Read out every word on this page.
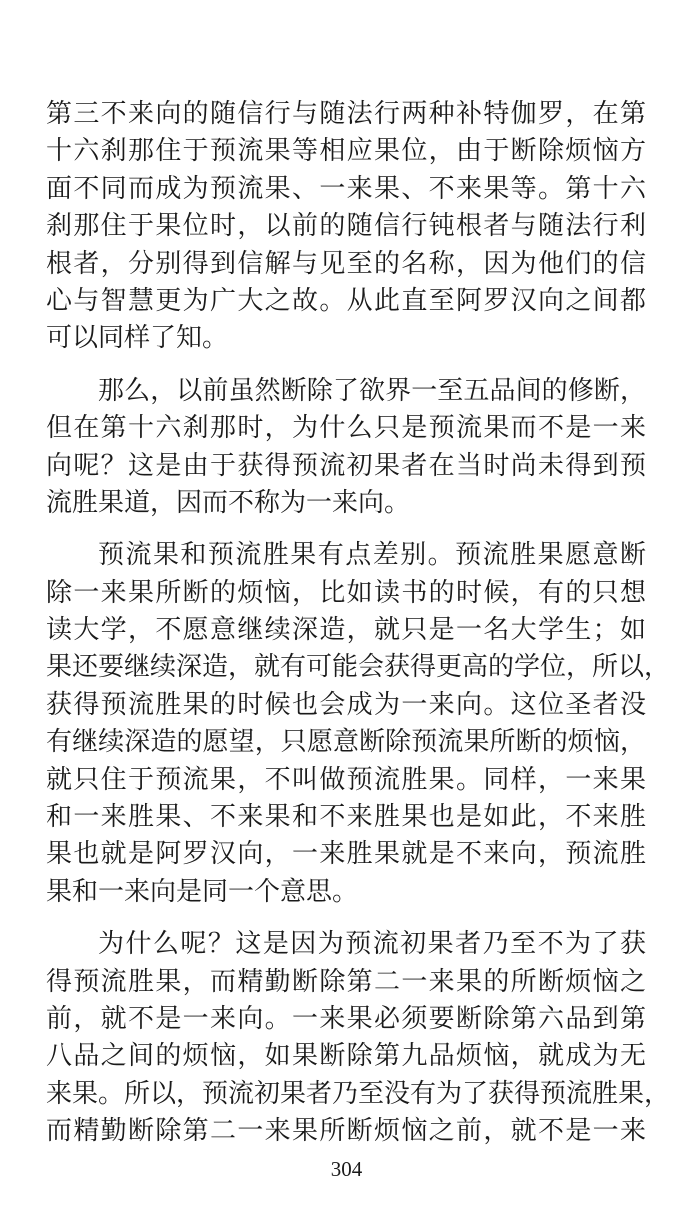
第三不来向的随信行与随法行两种补特伽罗，在第
十六刹那住于预流果等相应果位，由于断除烦恼方
面不同而成为预流果、一来果、不来果等。第十六
刹那住于果位时，以前的随信行钝根者与随法行利
根者，分别得到信解与见至的名称，因为他们的信
心与智慧更为广大之故。从此直至阿罗汉向之间都
可以同样了知。

那么，以前虽然断除了欲界一至五品间的修断，
但在第十六刹那时，为什么只是预流果而不是一来
向呢？这是由于获得预流初果者在当时尚未得到预
流胜果道，因而不称为一来向。

预流果和预流胜果有点差别。预流胜果愿意断
除一来果所断的烦恼，比如读书的时候，有的只想
读大学，不愿意继续深造，就只是一名大学生；如
果还要继续深造，就有可能会获得更高的学位，所以，
获得预流胜果的时候也会成为一来向。这位圣者没
有继续深造的愿望，只愿意断除预流果所断的烦恼，
就只住于预流果，不叫做预流胜果。同样，一来果
和一来胜果、不来果和不来胜果也是如此，不来胜
果也就是阿罗汉向，一来胜果就是不来向，预流胜
果和一来向是同一个意思。

为什么呢？这是因为预流初果者乃至不为了获
得预流胜果，而精勤断除第二一来果的所断烦恼之
前，就不是一来向。一来果必须要断除第六品到第
八品之间的烦恼，如果断除第九品烦恼，就成为无
来果。所以，预流初果者乃至没有为了获得预流胜果，
而精勤断除第二一来果所断烦恼之前，就不是一来

304
